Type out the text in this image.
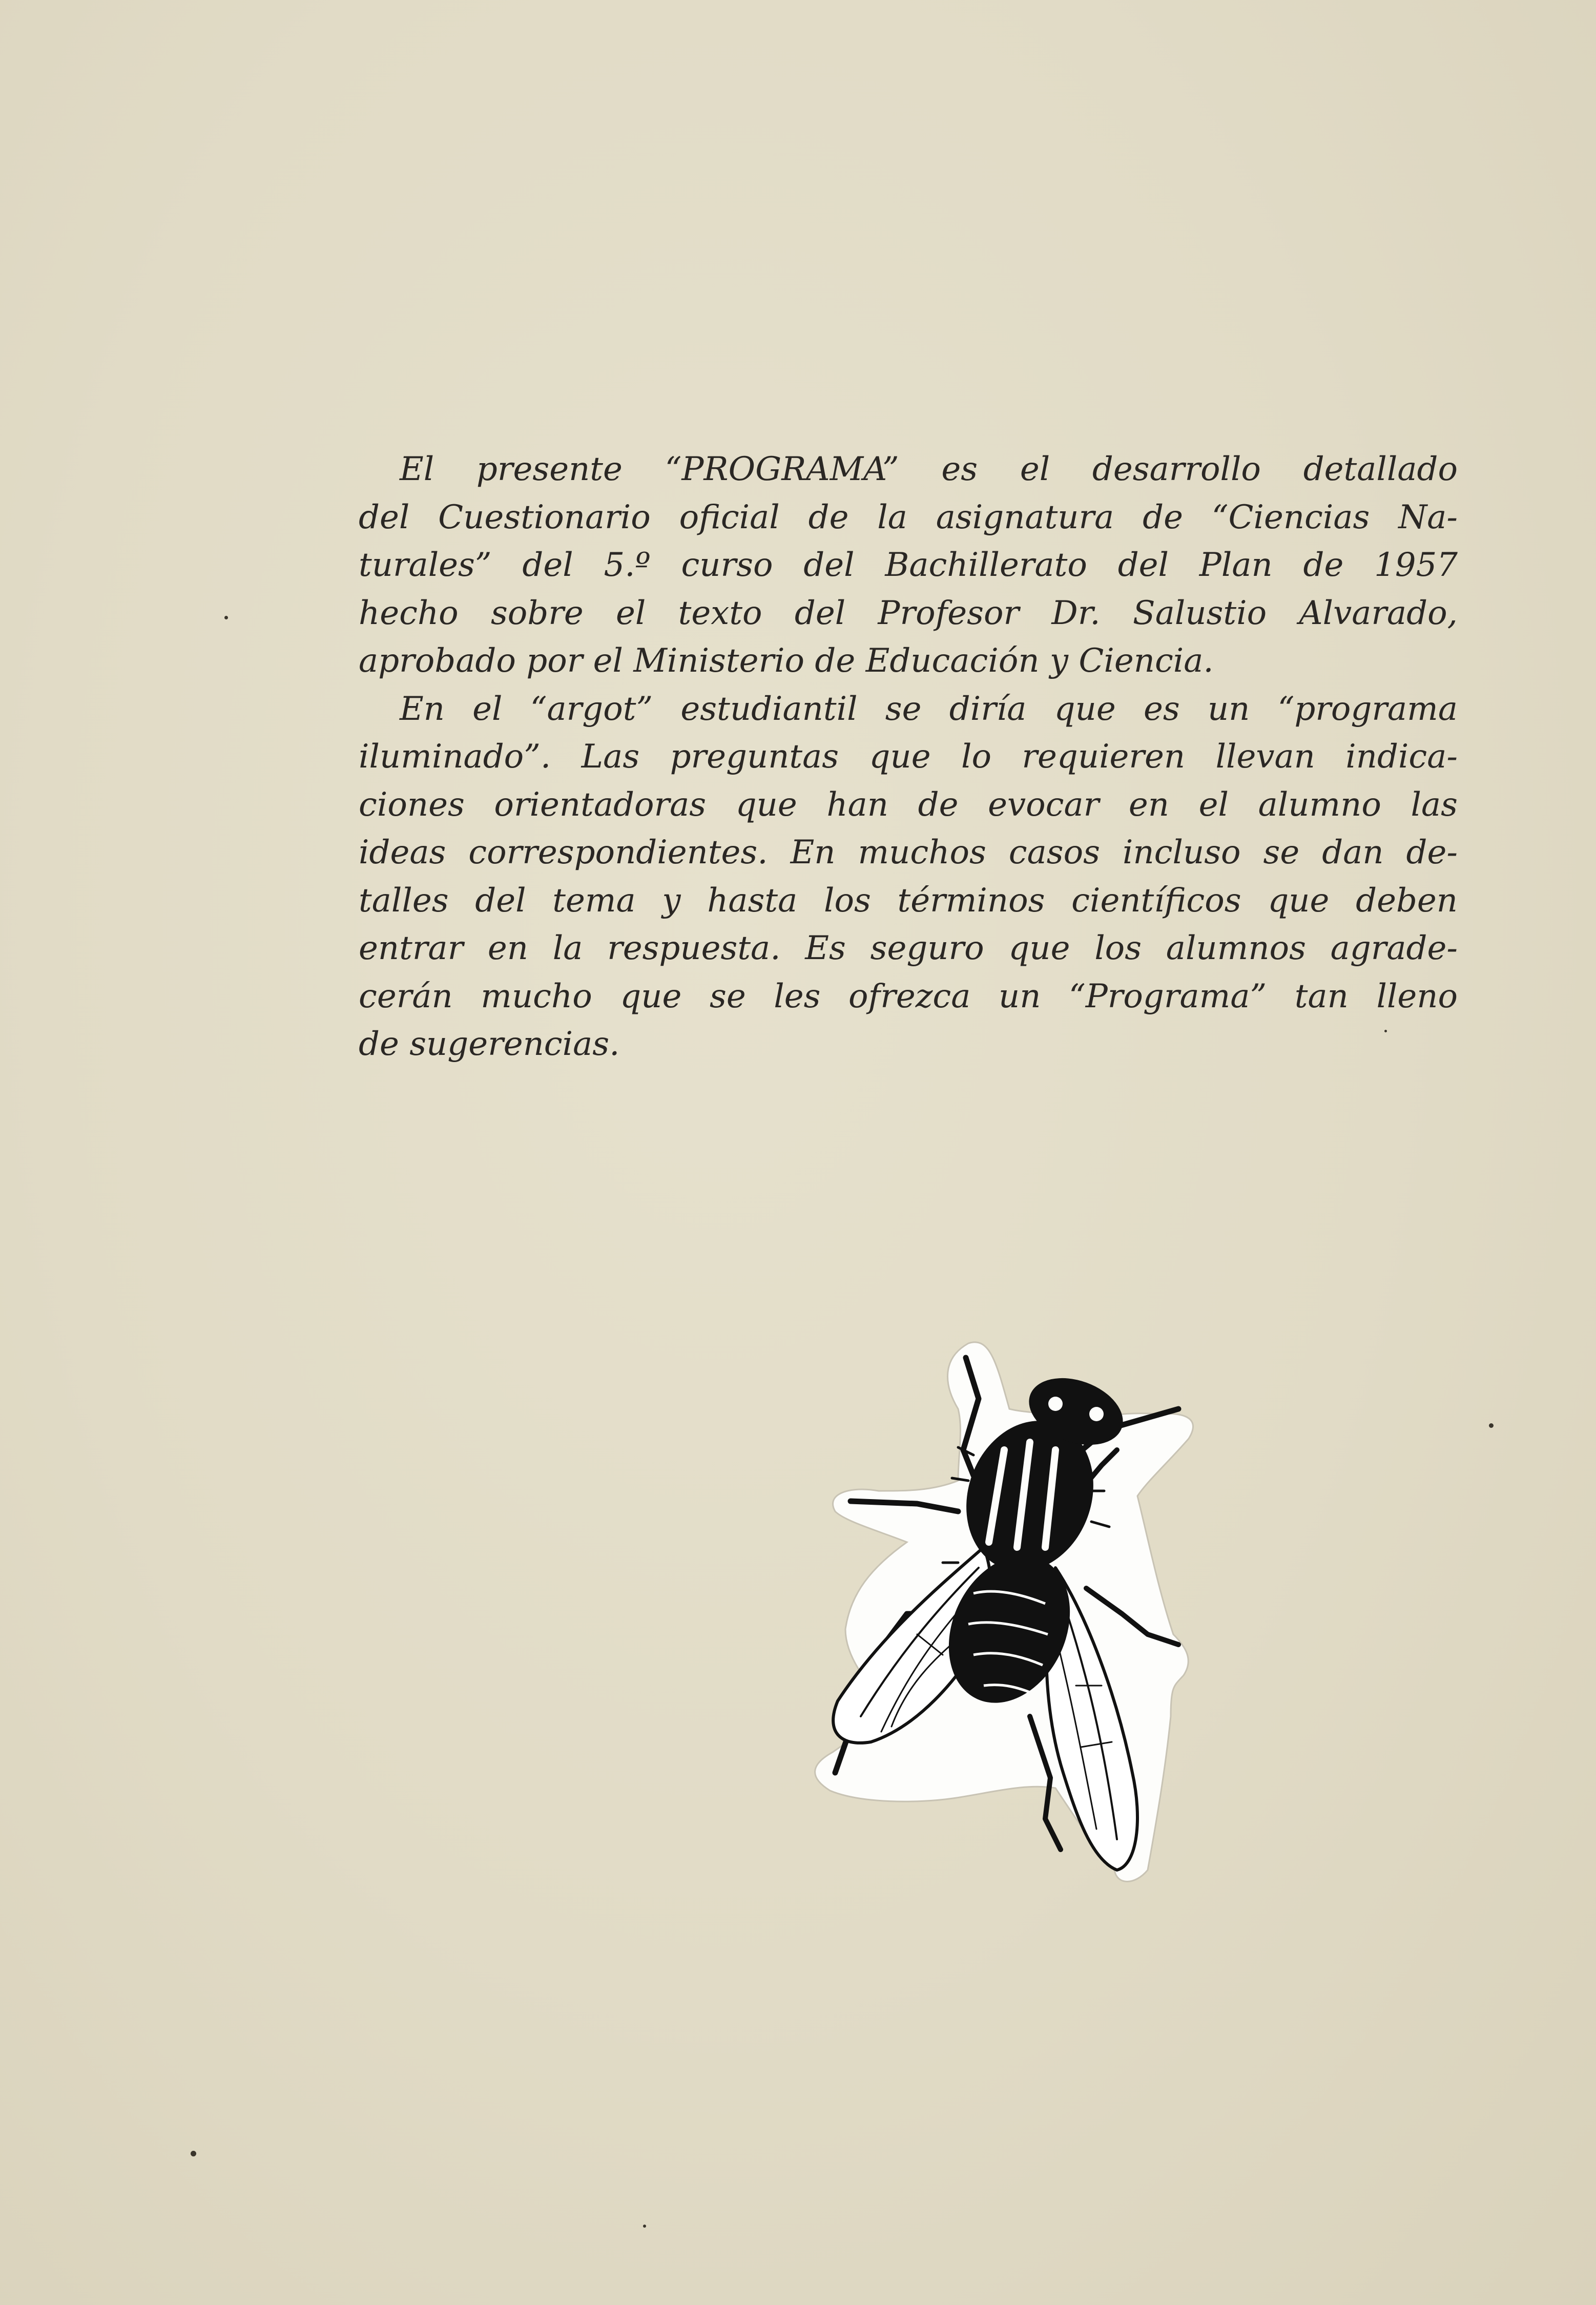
El presente “PROGRAMA” es el desarrollo detallado
del Cuestionario oficial de la asignatura de “Ciencias Na-
turales” del 5.º curso del Bachillerato del Plan de 1957
hecho sobre el texto del Profesor Dr. Salustio Alvarado,
aprobado por el Ministerio de Educación y Ciencia.
En el “argot” estudiantil se diría que es un “programa
iluminado”. Las preguntas que lo requieren llevan indica-
ciones orientadoras que han de evocar en el alumno las
ideas correspondientes. En muchos casos incluso se dan de-
talles del tema y hasta los términos científicos que deben
entrar en la respuesta. Es seguro que los alumnos agrade-
cerán mucho que se les ofrezca un “Programa” tan lleno
de sugerencias.
